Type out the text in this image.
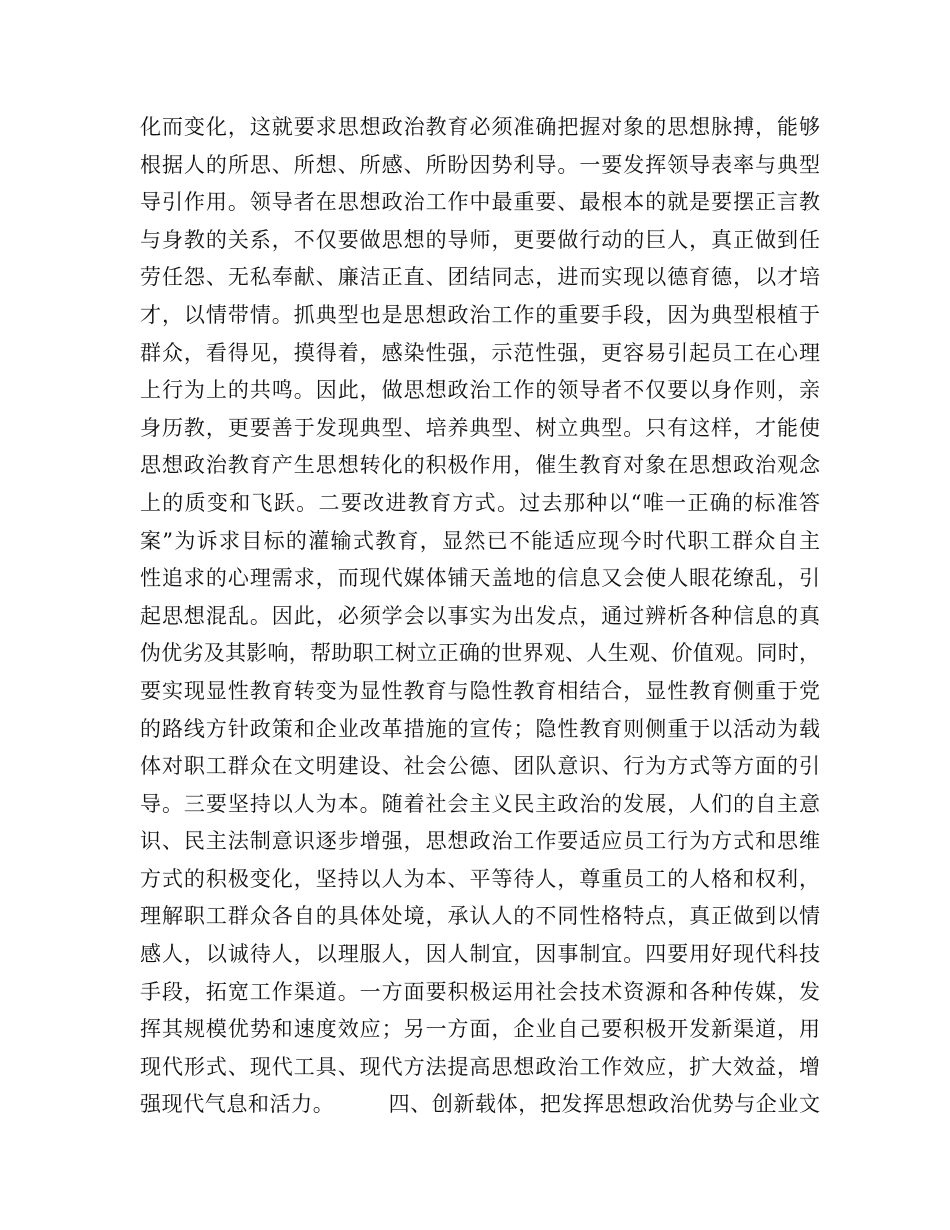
化而变化，这就要求思想政治教育必须准确把握对象的思想脉搏，能够
根据人的所思、所想、所感、所盼因势利导。一要发挥领导表率与典型
导引作用。领导者在思想政治工作中最重要、最根本的就是要摆正言教
与身教的关系，不仅要做思想的导师，更要做行动的巨人，真正做到任
劳任怨、无私奉献、廉洁正直、团结同志，进而实现以德育德，以才培
才，以情带情。抓典型也是思想政治工作的重要手段，因为典型根植于
群众，看得见，摸得着，感染性强，示范性强，更容易引起员工在心理
上行为上的共鸣。因此，做思想政治工作的领导者不仅要以身作则，亲
身历教，更要善于发现典型、培养典型、树立典型。只有这样，才能使
思想政治教育产生思想转化的积极作用，催生教育对象在思想政治观念
上的质变和飞跃。二要改进教育方式。过去那种以“唯一正确的标准答
案”为诉求目标的灌输式教育，显然已不能适应现今时代职工群众自主
性追求的心理需求，而现代媒体铺天盖地的信息又会使人眼花缭乱，引
起思想混乱。因此，必须学会以事实为出发点，通过辨析各种信息的真
伪优劣及其影响，帮助职工树立正确的世界观、人生观、价值观。同时，
要实现显性教育转变为显性教育与隐性教育相结合，显性教育侧重于党
的路线方针政策和企业改革措施的宣传；隐性教育则侧重于以活动为载
体对职工群众在文明建设、社会公德、团队意识、行为方式等方面的引
导。三要坚持以人为本。随着社会主义民主政治的发展，人们的自主意
识、民主法制意识逐步增强，思想政治工作要适应员工行为方式和思维
方式的积极变化，坚持以人为本、平等待人，尊重员工的人格和权利，
理解职工群众各自的具体处境，承认人的不同性格特点，真正做到以情
感人，以诚待人，以理服人，因人制宜，因事制宜。四要用好现代科技
手段，拓宽工作渠道。一方面要积极运用社会技术资源和各种传媒，发
挥其规模优势和速度效应；另一方面，企业自己要积极开发新渠道，用
现代形式、现代工具、现代方法提高思想政治工作效应，扩大效益，增
强现代气息和活力。　　　四、创新载体，把发挥思想政治优势与企业文
